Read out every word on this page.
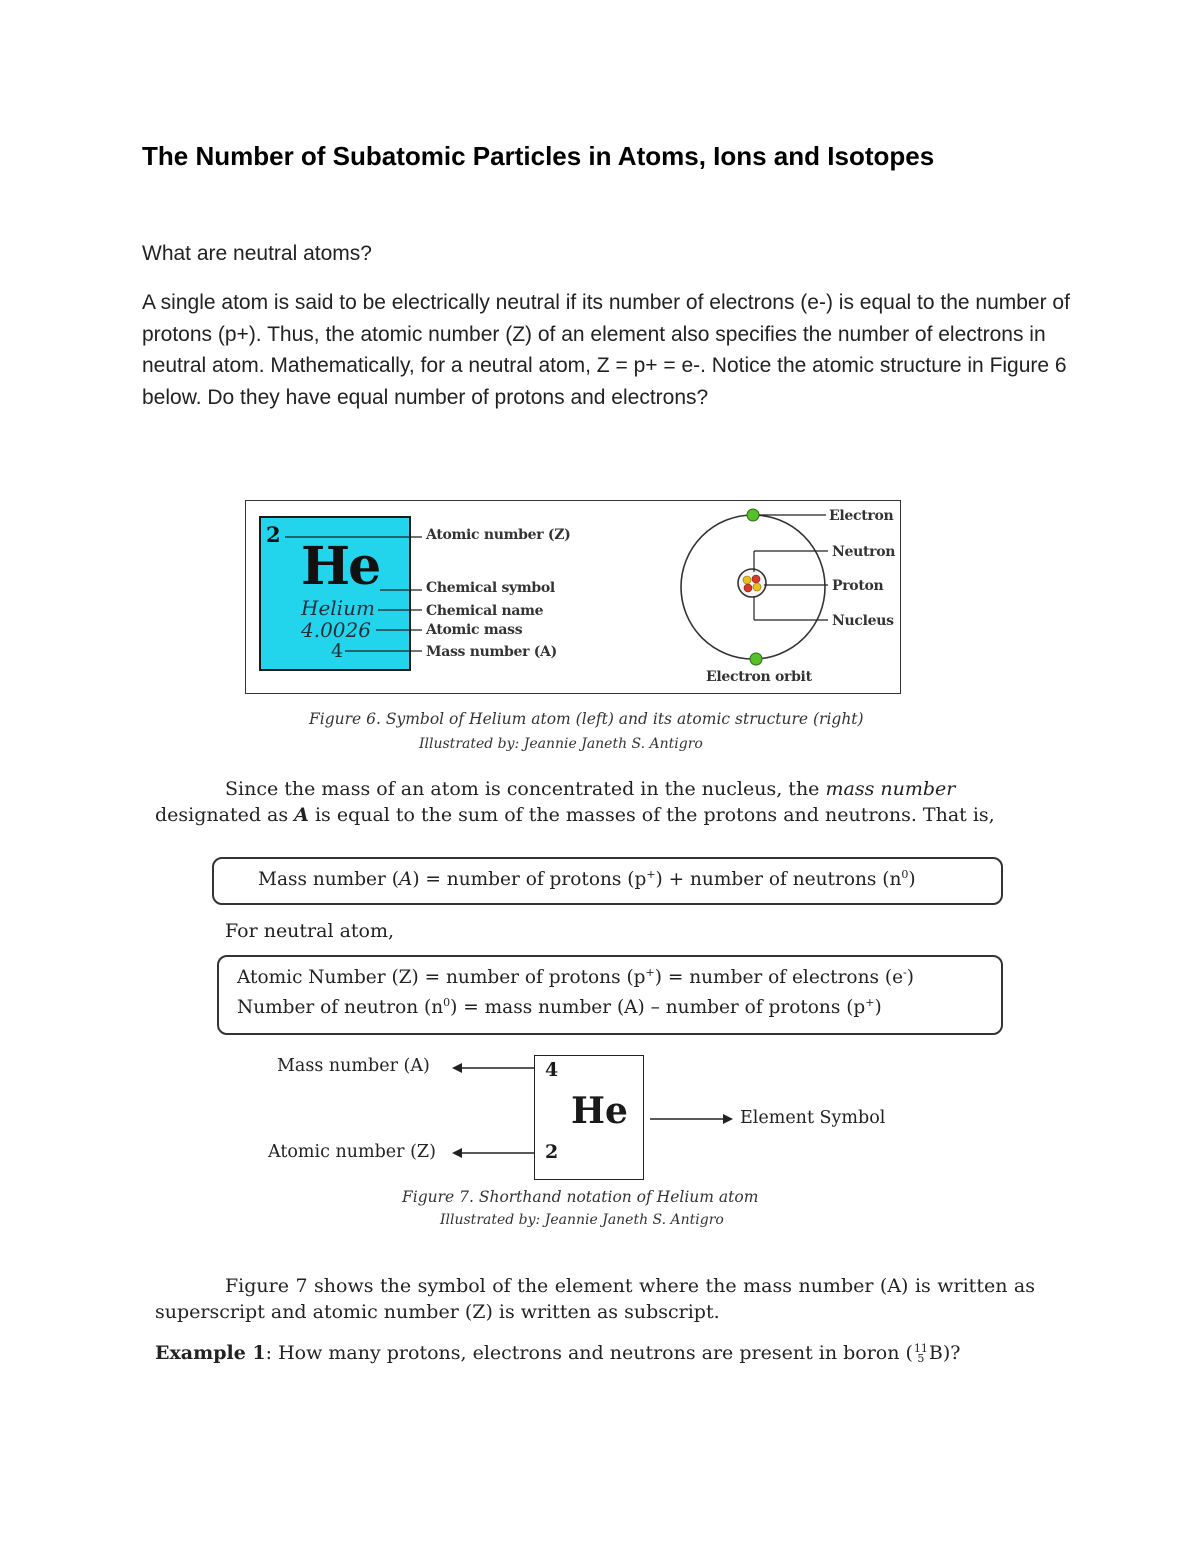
The Number of Subatomic Particles in Atoms, Ions and Isotopes
What are neutral atoms?
A single atom is said to be electrically neutral if its number of electrons (e-) is equal to the number of protons (p+). Thus, the atomic number (Z) of an element also specifies the number of electrons in neutral atom. Mathematically, for a neutral atom, Z = p+ = e-. Notice the atomic structure in Figure 6 below. Do they have equal number of protons and electrons?
2
He
Helium
4.0026
4
Atomic number (Z)
Chemical symbol
Chemical name
Atomic mass
Mass number (A)
Electron
Neutron
Proton
Nucleus
Electron orbit
Figure 6. Symbol of Helium atom (left) and its atomic structure (right)
Illustrated by: Jeannie Janeth S. Antigro
Since the mass of an atom is concentrated in the nucleus, the mass number designated as A is equal to the sum of the masses of the protons and neutrons. That is,
Mass number (A) = number of protons (p+) + number of neutrons $(n^0)$
For neutral atom,
Atomic Number (Z) = number of protons (p+) = number of electrons (e-)
Number of neutron $(n^0)$ = mass number (A) – number of protons (p+)
Mass number (A)
Atomic number (Z)
4
He
2
Element Symbol
Figure 7. Shorthand notation of Helium atom
Illustrated by: Jeannie Janeth S. Antigro
Figure 7 shows the symbol of the element where the mass number (A) is written as superscript and atomic number (Z) is written as subscript.
Example 1: How many protons, electrons and neutrons are present in boron ( 11
5 B)?
